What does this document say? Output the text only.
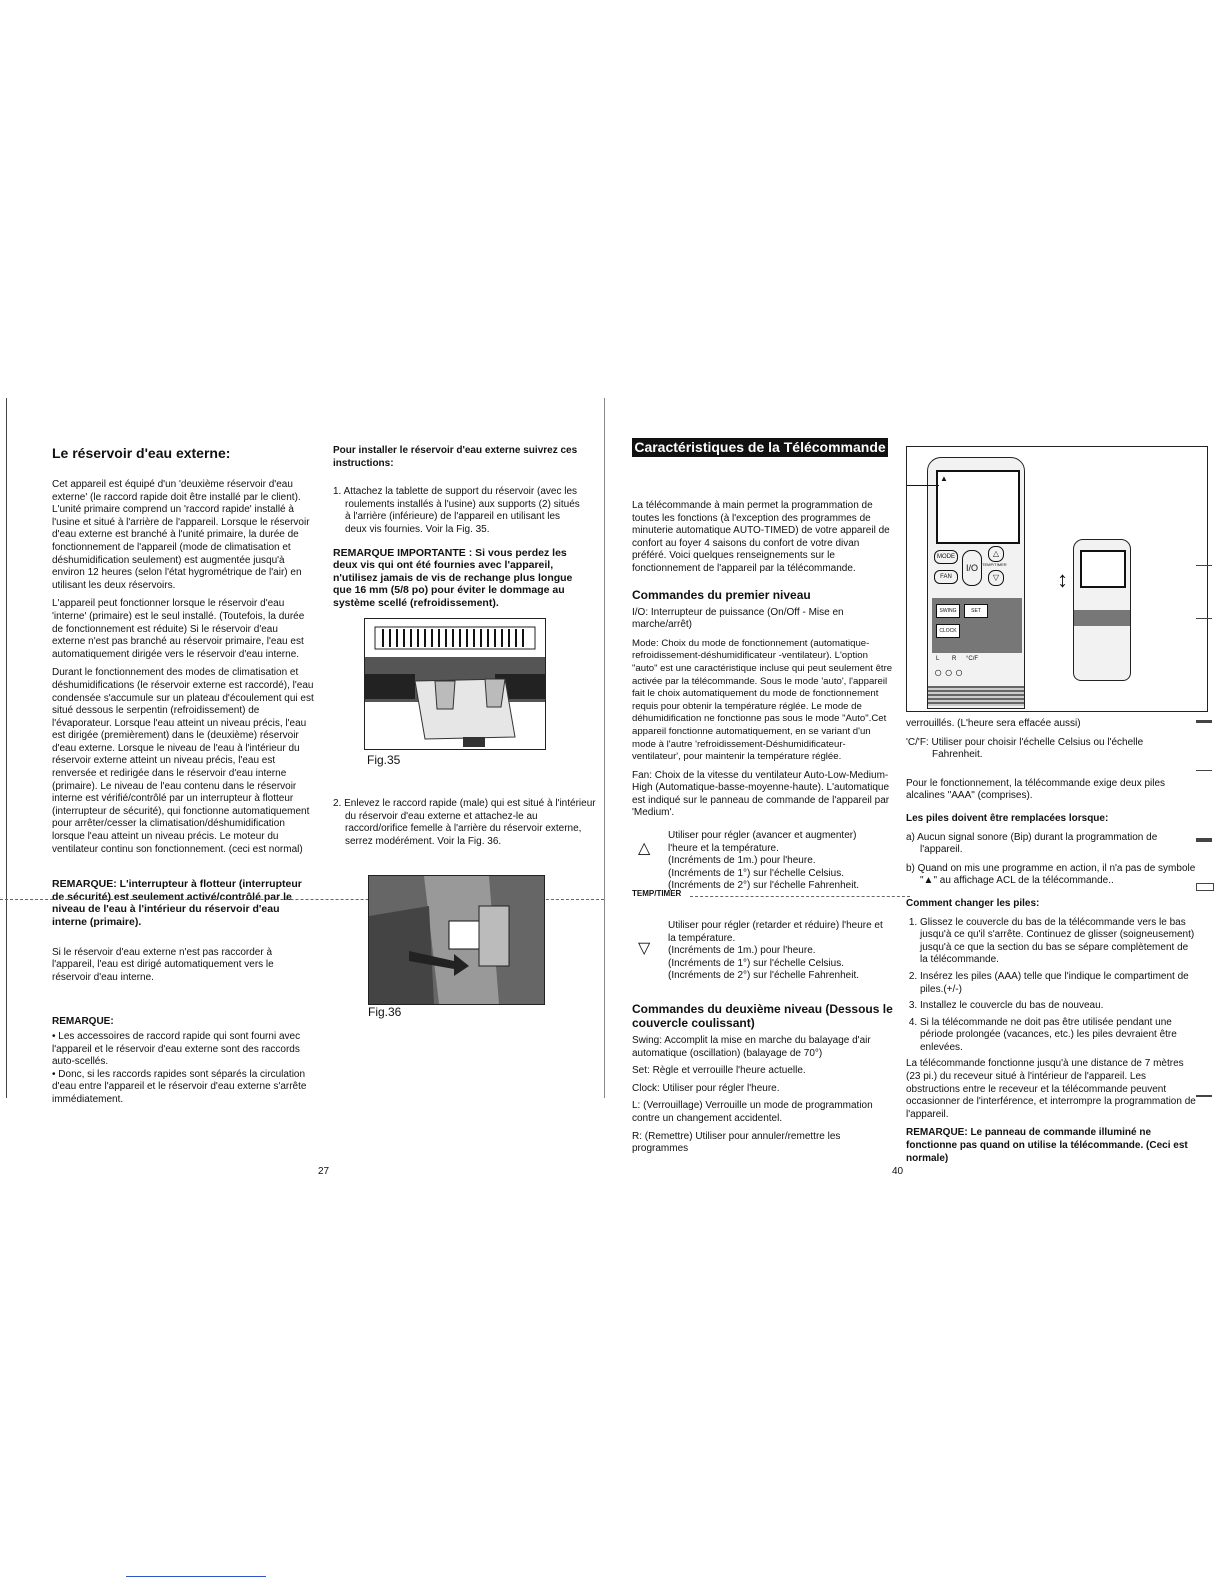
Le réservoir d'eau externe:

Cet appareil est équipé d'un 'deuxième réservoir d'eau externe' (le raccord rapide doit être installé par le client). L'unité primaire comprend un 'raccord rapide' installé à l'usine et situé à l'arrière de l'appareil. Lorsque le réservoir d'eau externe est branché à l'unité primaire, la durée de fonctionnement de l'appareil (mode de climatisation et déshumidification seulement) est augmentée jusqu'à environ 12 heures (selon l'état hygrométrique de l'air) en utilisant les deux réservoirs.

L'appareil peut fonctionner lorsque le réservoir d'eau 'interne' (primaire) est le seul installé. (Toutefois, la durée de fonctionnement est réduite) Si le réservoir d'eau externe n'est pas branché au réservoir primaire, l'eau est automatiquement dirigée vers le réservoir d'eau interne.

Durant le fonctionnement des modes de climatisation et déshumidifications (le réservoir externe est raccordé), l'eau condensée s'accumule sur un plateau d'écoulement qui est situé dessous le serpentin (refroidissement) de l'évaporateur. Lorsque l'eau atteint un niveau précis, l'eau est dirigée (premièrement) dans le (deuxième) réservoir d'eau externe. Lorsque le niveau de l'eau à l'intérieur du réservoir externe atteint un niveau précis, l'eau est renversée et redirigée dans le réservoir d'eau interne (primaire). Le niveau de l'eau contenu dans le réservoir interne est vérifié/contrôlé par un interrupteur à flotteur (interrupteur de sécurité), qui fonctionne automatiquement pour arrêter/cesser la climatisation/déshumidification lorsque l'eau atteint un niveau précis. Le moteur du ventilateur continu son fonctionnement. (ceci est normal)

REMARQUE: L'interrupteur à flotteur (interrupteur de sécurité) est seulement activé/contrôlé par le niveau de l'eau à l'intérieur du réservoir d'eau interne (primaire).
Si le réservoir d'eau externe n'est pas raccorder à l'appareil, l'eau est dirigé automatiquement vers le réservoir d'eau interne.
REMARQUE:
• Les accessoires de raccord rapide qui sont fourni avec l'appareil et le réservoir d'eau externe sont des raccords auto-scellés.
• Donc, si les raccords rapides sont séparés la circulation d'eau entre l'appareil et le réservoir d'eau externe s'arrête immédiatement.
Pour installer le réservoir d'eau externe suivrez ces instructions:
1. Attachez la tablette de support du réservoir (avec les roulements installés à l'usine) aux supports (2) situés à l'arrière (inférieure) de l'appareil en utilisant les deux vis fournies. Voir la Fig. 35.
REMARQUE IMPORTANTE : Si vous perdez les deux vis qui ont été fournies avec l'appareil, n'utilisez jamais de vis de rechange plus longue que 16 mm (5/8 po) pour éviter le dommage au système scellé (refroidissement).
Fig.35
2. Enlevez le raccord rapide (male) qui est situé à l'intérieur du réservoir d'eau externe et attachez-le au raccord/orifice femelle à l'arrière du réservoir externe, serrez modérément. Voir la Fig. 36.
Fig.36
27
Caractéristiques de la Télécommande
La télécommande à main permet la programmation de toutes les fonctions (à l'exception des programmes de minuterie automatique AUTO-TIMED) de votre appareil de confort au foyer 4 saisons du confort de votre divan préféré. Voici quelques renseignements sur le fonctionnement de l'appareil par la télécommande.
Commandes du premier niveau
I/O: Interrupteur de puissance (On/Off - Mise en marche/arrêt)
Mode: Choix du mode de fonctionnement (automatique-refroidissement-déshumidificateur -ventilateur). L'option "auto" est une caractéristique incluse qui peut seulement être activée par la télécommande. Sous le mode 'auto', l'appareil fait le choix automatiquement du mode de fonctionnement requis pour obtenir la température réglée. Le mode de déhumidification ne fonctionne pas sous le mode "Auto".Cet appareil fonctionne automatiquement, en se variant d'un mode à l'autre 'refroidissement-Déshumidificateur-ventilateur', pour maintenir la température réglée.
Fan: Choix de la vitesse du ventilateur Auto-Low-Medium-High (Automatique-basse-moyenne-haute). L'automatique est indiqué sur le panneau de commande de l'appareil par 'Medium'.
△
Utiliser pour régler (avancer et augmenter) l'heure et la température.
(Incréments de 1m.) pour l'heure.
(Incréments de 1°) sur l'échelle Celsius.
(Incréments de 2°) sur l'échelle Fahrenheit.
TEMP/TIMER
▽
Utiliser pour régler (retarder et réduire) l'heure et la température.
(Incréments de 1m.) pour l'heure.
(Incréments de 1°) sur l'échelle Celsius.
(Incréments de 2°) sur l'échelle Fahrenheit.
Commandes du deuxième niveau (Dessous le couvercle coulissant)
Swing: Accomplit la mise en marche du balayage d'air automatique (oscillation) (balayage de 70°)
Set: Règle et verrouille l'heure actuelle.
Clock: Utiliser pour régler l'heure.
L: (Verrouillage) Verrouille un mode de programmation contre un changement accidentel.
R: (Remettre) Utiliser pour annuler/remettre les programmes
40
▲
MODE
FAN
I/O
△
TEMP/TIMER
▽
SWING	SET
CLOCK
L R °C/F
○○○
↕
verrouillés. (L'heure sera effacée aussi)
'C/'F: Utiliser pour choisir l'échelle Celsius ou l'échelle Fahrenheit.
Pour le fonctionnement, la télécommande exige deux piles alcalines "AAA" (comprises).
Les piles doivent être remplacées lorsque:
a) Aucun signal sonore (Bip) durant la programmation de l'appareil.
b) Quand on mis une programme en action, il n'a pas de symbole "▲" au affichage ACL de la télécommande..
Comment changer les piles:
1. Glissez le couvercle du bas de la télécommande vers le bas jusqu'à ce qu'il s'arrête. Continuez de glisser (soigneusement) jusqu'à ce que la section du bas se sépare complètement de la télécommande.
2. Insérez les piles (AAA) telle que l'indique le compartiment de piles.(+/-)
3. Installez le couvercle du bas de nouveau.
4. Si la télécommande ne doit pas être utilisée pendant une période prolongée (vacances, etc.) les piles devraient être enlevées.
La télécommande fonctionne jusqu'à une distance de 7 mètres (23 pi.) du receveur situé à l'intérieur de l'appareil. Les obstructions entre le receveur et la télécommande peuvent occasionner de l'interférence, et interrompre la programmation de l'appareil.
REMARQUE: Le panneau de commande illuminé ne fonctionne pas quand on utilise la télécommande. (Ceci est normale)
